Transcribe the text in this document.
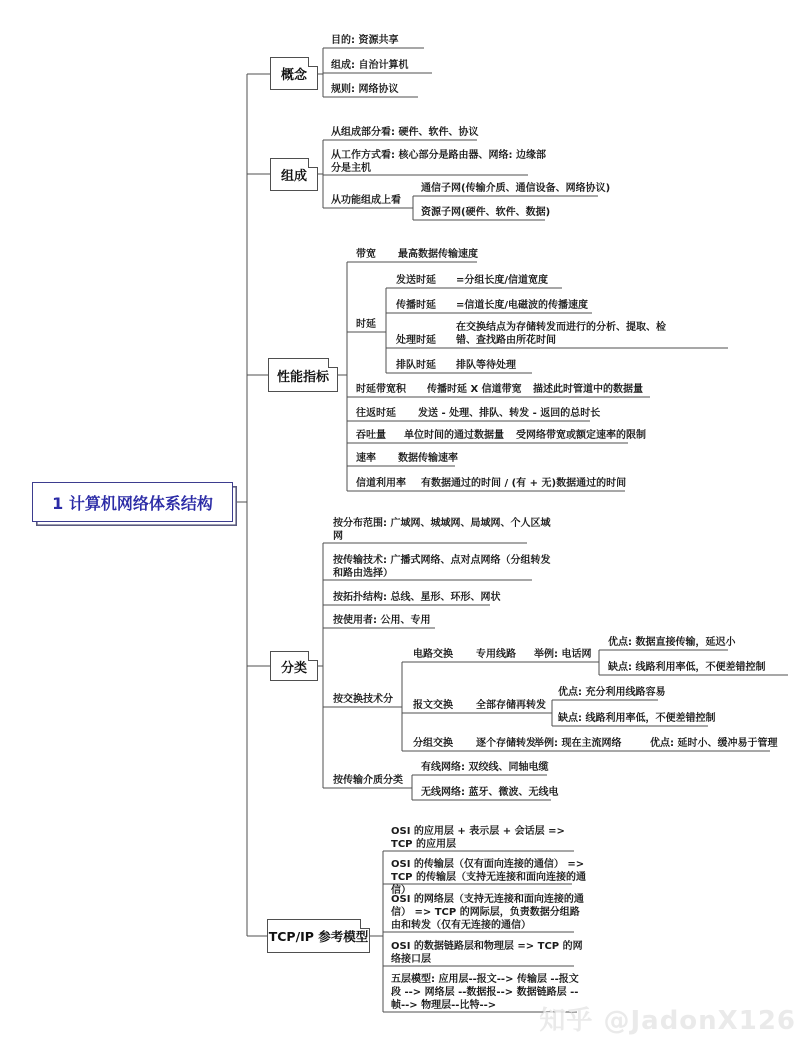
1 计算机网络体系结构
概念
组成
性能指标
分类
TCP/IP 参考模型
目的: 资源共享
组成: 自治计算机
规则: 网络协议
从组成部分看: 硬件、软件、协议
从工作方式看: 核心部分是路由器、网络: 边缘部分是主机
从功能组成上看
通信子网(传输介质、通信设备、网络协议)
资源子网(硬件、软件、数据)
带宽 最高数据传输速度
时延
发送时延 =分组长度/信道宽度
传播时延 =信道长度/电磁波的传播速度
处理时延
在交换结点为存储转发而进行的分析、提取、检错、查找路由所花时间
排队时延 排队等待处理
时延带宽积 传播时延 X 信道带宽 描述此时管道中的数据量
往返时延 发送 - 处理、排队、转发 - 返回的总时长
吞吐量 单位时间的通过数据量 受网络带宽或额定速率的限制
速率 数据传输速率
信道利用率 有数据通过的时间 / (有 + 无)数据通过的时间
按分布范围: 广域网、城域网、局域网、个人区域网
按传输技术: 广播式网络、点对点网络（分组转发和路由选择）
按拓扑结构: 总线、星形、环形、网状
按使用者: 公用、专用
按交换技术分
电路交换 专用线路 举例: 电话网
优点: 数据直接传输，延迟小
缺点: 线路利用率低，不便差错控制
报文交换 全部存储再转发
优点: 充分利用线路容易
缺点: 线路利用率低，不便差错控制
分组交换 逐个存储转发
举例: 现在主流网络	优点: 延时小、缓冲易于管理
按传输介质分类
有线网络: 双绞线、同轴电缆
无线网络: 蓝牙、微波、无线电
OSI 的应用层 + 表示层 + 会话层 => TCP 的应用层
OSI 的传输层（仅有面向连接的通信） => TCP 的传输层（支持无连接和面向连接的通信）
OSI 的网络层（支持无连接和面向连接的通信） => TCP 的网际层，负责数据分组路由和转发（仅有无连接的通信）
OSI 的数据链路层和物理层 => TCP 的网络接口层
五层模型: 应用层--报文--> 传输层 --报文段 --> 网络层 --数据报--> 数据链路层 --帧--> 物理层--比特-->
知乎 @JadonX126
